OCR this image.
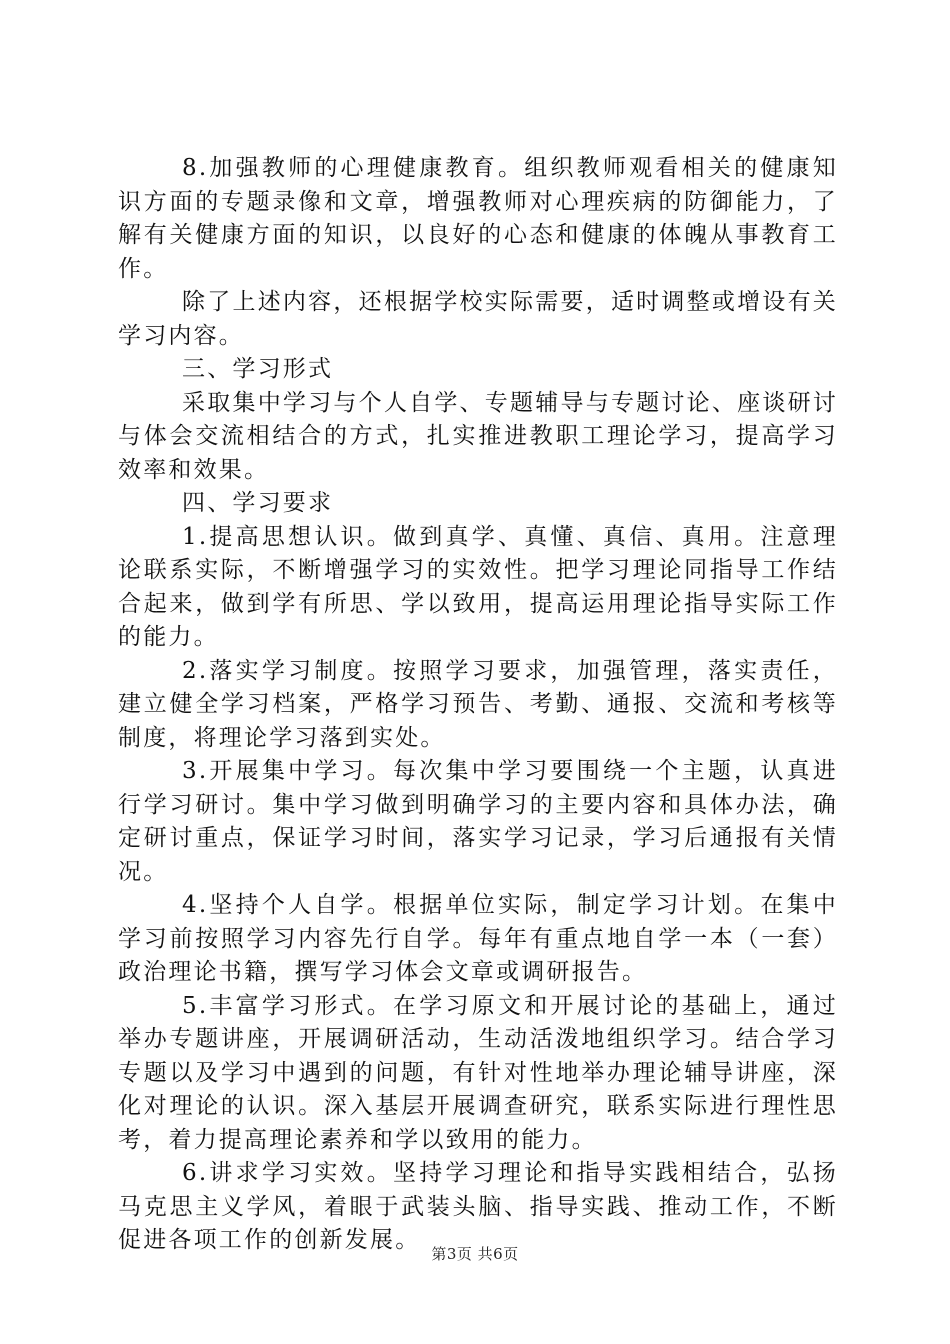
8.加强教师的心理健康教育。组织教师观看相关的健康知识方面的专题录像和文章，增强教师对心理疾病的防御能力，了解有关健康方面的知识，以良好的心态和健康的体魄从事教育工作。

除了上述内容，还根据学校实际需要，适时调整或增设有关学习内容。

三、学习形式

采取集中学习与个人自学、专题辅导与专题讨论、座谈研讨与体会交流相结合的方式，扎实推进教职工理论学习，提高学习效率和效果。

四、学习要求

1.提高思想认识。做到真学、真懂、真信、真用。注意理论联系实际，不断增强学习的实效性。把学习理论同指导工作结合起来，做到学有所思、学以致用，提高运用理论指导实际工作的能力。

2.落实学习制度。按照学习要求，加强管理，落实责任，建立健全学习档案，严格学习预告、考勤、通报、交流和考核等制度，将理论学习落到实处。

3.开展集中学习。每次集中学习要围绕一个主题，认真进行学习研讨。集中学习做到明确学习的主要内容和具体办法，确定研讨重点，保证学习时间，落实学习记录，学习后通报有关情况。

4.坚持个人自学。根据单位实际，制定学习计划。在集中学习前按照学习内容先行自学。每年有重点地自学一本（一套）政治理论书籍，撰写学习体会文章或调研报告。

5.丰富学习形式。在学习原文和开展讨论的基础上，通过举办专题讲座，开展调研活动，生动活泼地组织学习。结合学习专题以及学习中遇到的问题，有针对性地举办理论辅导讲座，深化对理论的认识。深入基层开展调查研究，联系实际进行理性思考，着力提高理论素养和学以致用的能力。

6.讲求学习实效。坚持学习理论和指导实践相结合，弘扬马克思主义学风，着眼于武装头脑、指导实践、推动工作，不断促进各项工作的创新发展。

第3页 共6页
